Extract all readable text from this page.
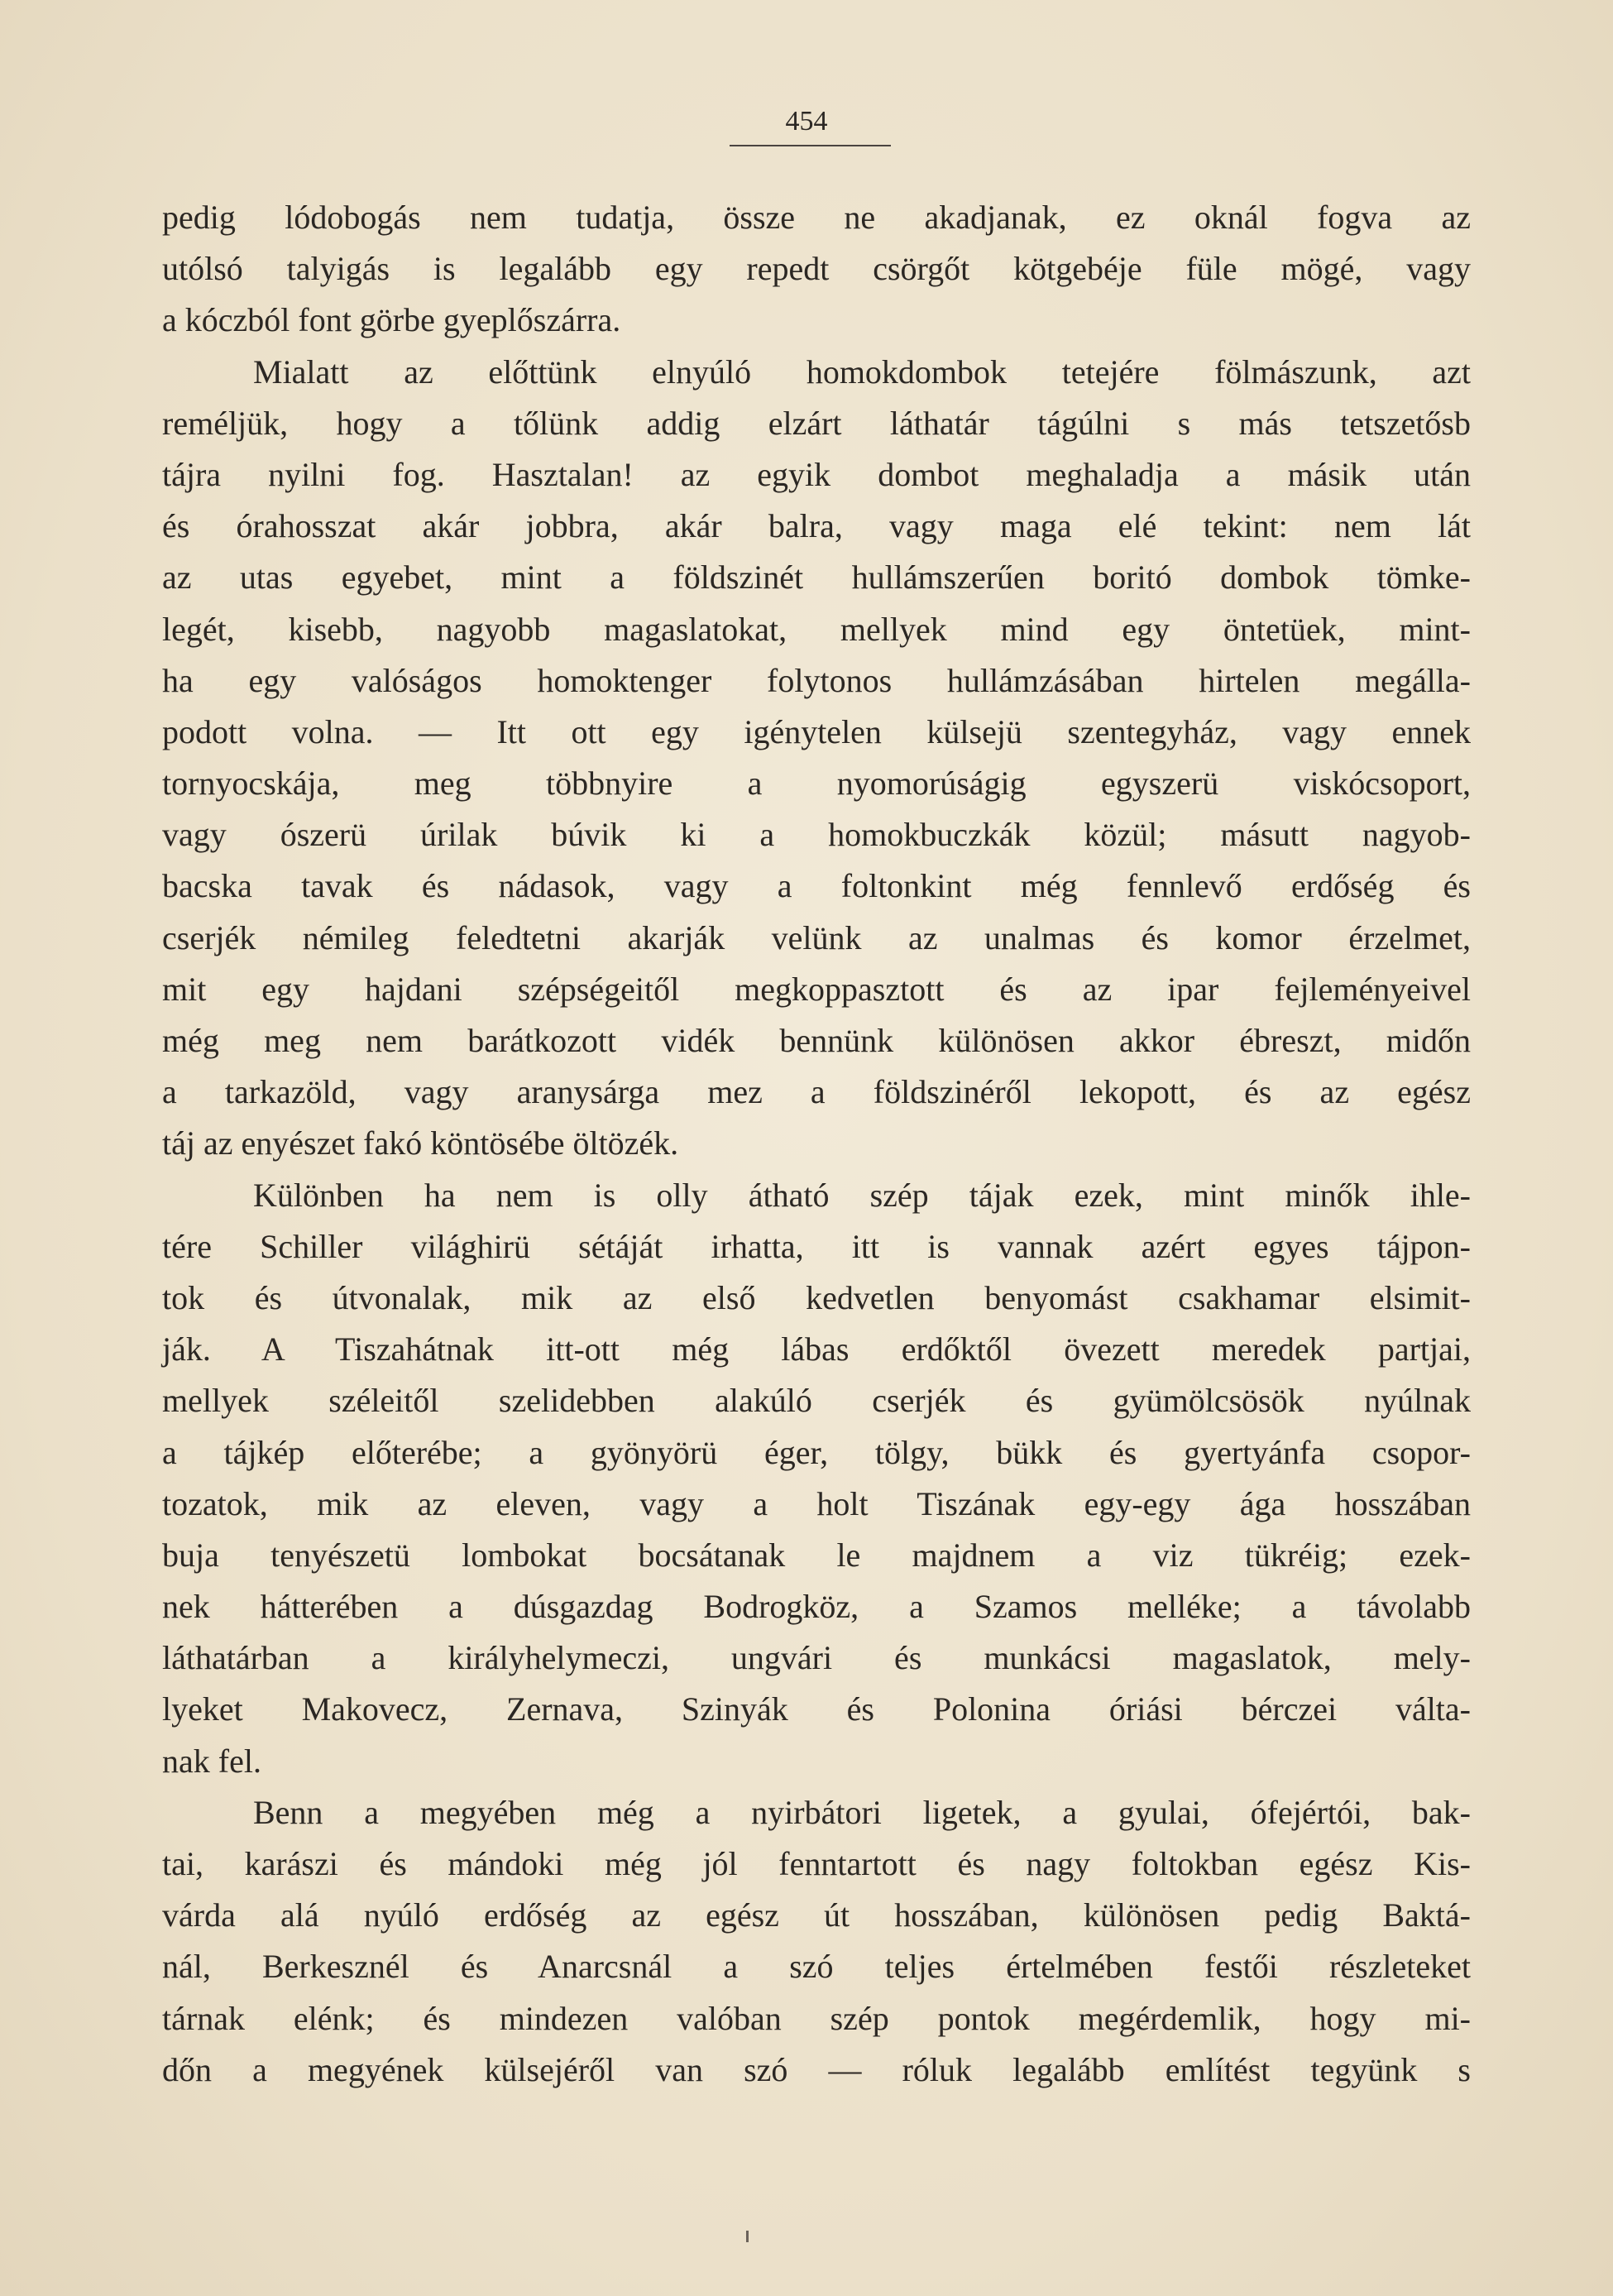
454
pedig lódobogás nem tudatja, össze ne akadjanak, ez oknál fogva az
utólsó talyigás is legalább egy repedt csörgőt kötgebéje füle mögé, vagy
a kóczból font görbe gyeplőszárra.
Mialatt az előttünk elnyúló homokdombok tetejére fölmászunk, azt
reméljük, hogy a tőlünk addig elzárt láthatár tágúlni s más tetszetősb
tájra nyilni fog. Hasztalan! az egyik dombot meghaladja a másik után
és órahosszat akár jobbra, akár balra, vagy maga elé tekint: nem lát
az utas egyebet, mint a földszinét hullámszerűen boritó dombok tömke-
legét, kisebb, nagyobb magaslatokat, mellyek mind egy öntetüek, mint-
ha egy valóságos homoktenger folytonos hullámzásában hirtelen megálla-
podott volna. — Itt ott egy igénytelen külsejü szentegyház, vagy ennek
tornyocskája, meg többnyire a nyomorúságig egyszerü viskócsoport,
vagy ószerü úrilak búvik ki a homokbuczkák közül; másutt nagyob-
bacska tavak és nádasok, vagy a foltonkint még fennlevő erdőség és
cserjék némileg feledtetni akarják velünk az unalmas és komor érzelmet,
mit egy hajdani szépségeitől megkoppasztott és az ipar fejleményeivel
még meg nem barátkozott vidék bennünk különösen akkor ébreszt, midőn
a tarkazöld, vagy aranysárga mez a földszinéről lekopott, és az egész
táj az enyészet fakó köntösébe öltözék.
Különben ha nem is olly átható szép tájak ezek, mint minők ihle-
tére Schiller világhirü sétáját irhatta, itt is vannak azért egyes tájpon-
tok és útvonalak, mik az első kedvetlen benyomást csakhamar elsimit-
ják. A Tiszahátnak itt-ott még lábas erdőktől övezett meredek partjai,
mellyek széleitől szelidebben alakúló cserjék és gyümölcsösök nyúlnak
a tájkép előterébe; a gyönyörü éger, tölgy, bükk és gyertyánfa csopor-
tozatok, mik az eleven, vagy a holt Tiszának egy-egy ága hosszában
buja tenyészetü lombokat bocsátanak le majdnem a viz tükréig; ezek-
nek hátterében a dúsgazdag Bodrogköz, a Szamos melléke; a távolabb
láthatárban a királyhelymeczi, ungvári és munkácsi magaslatok, mely-
lyeket Makovecz, Zernava, Szinyák és Polonina óriási bérczei válta-
nak fel.
Benn a megyében még a nyirbátori ligetek, a gyulai, ófejértói, bak-
tai, karászi és mándoki még jól fenntartott és nagy foltokban egész Kis-
várda alá nyúló erdőség az egész út hosszában, különösen pedig Baktá-
nál, Berkesznél és Anarcsnál a szó teljes értelmében festői részleteket
tárnak elénk; és mindezen valóban szép pontok megérdemlik, hogy mi-
dőn a megyének külsejéről van szó — róluk legalább említést tegyünk s
